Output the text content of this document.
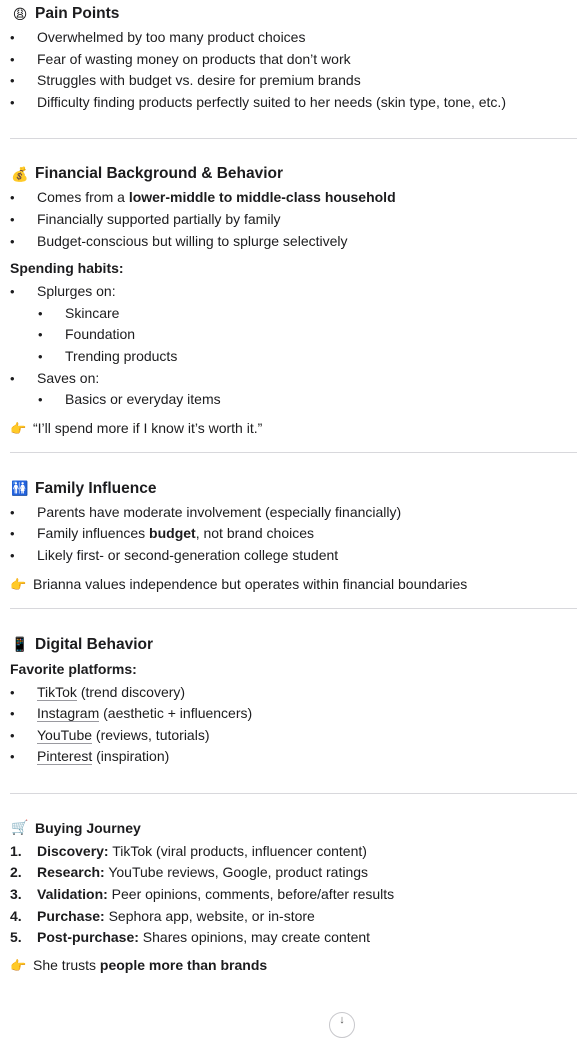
😩 Pain Points
• Overwhelmed by too many product choices
• Fear of wasting money on products that don’t work
• Struggles with budget vs. desire for premium brands
• Difficulty finding products perfectly suited to her needs (skin type, tone, etc.)
💰 Financial Background & Behavior
• Comes from a lower-middle to middle-class household
• Financially supported partially by family
• Budget-conscious but willing to splurge selectively
Spending habits:
• Splurges on:
• Skincare
• Foundation
• Trending products
• Saves on:
• Basics or everyday items
👉 “I’ll spend more if I know it’s worth it.”
🚻 Family Influence
• Parents have moderate involvement (especially financially)
• Family influences budget, not brand choices
• Likely first- or second-generation college student
👉 Brianna values independence but operates within financial boundaries
📱 Digital Behavior
Favorite platforms:
• TikTok (trend discovery)
• Instagram (aesthetic + influencers)
• YouTube (reviews, tutorials)
• Pinterest (inspiration)
🛒 Buying Journey
1. Discovery: TikTok (viral products, influencer content)
2. Research: YouTube reviews, Google, product ratings
3. Validation: Peer opinions, comments, before/after results
4. Purchase: Sephora app, website, or in-store
5. Post-purchase: Shares opinions, may create content
👉 She trusts people more than brands
↓
